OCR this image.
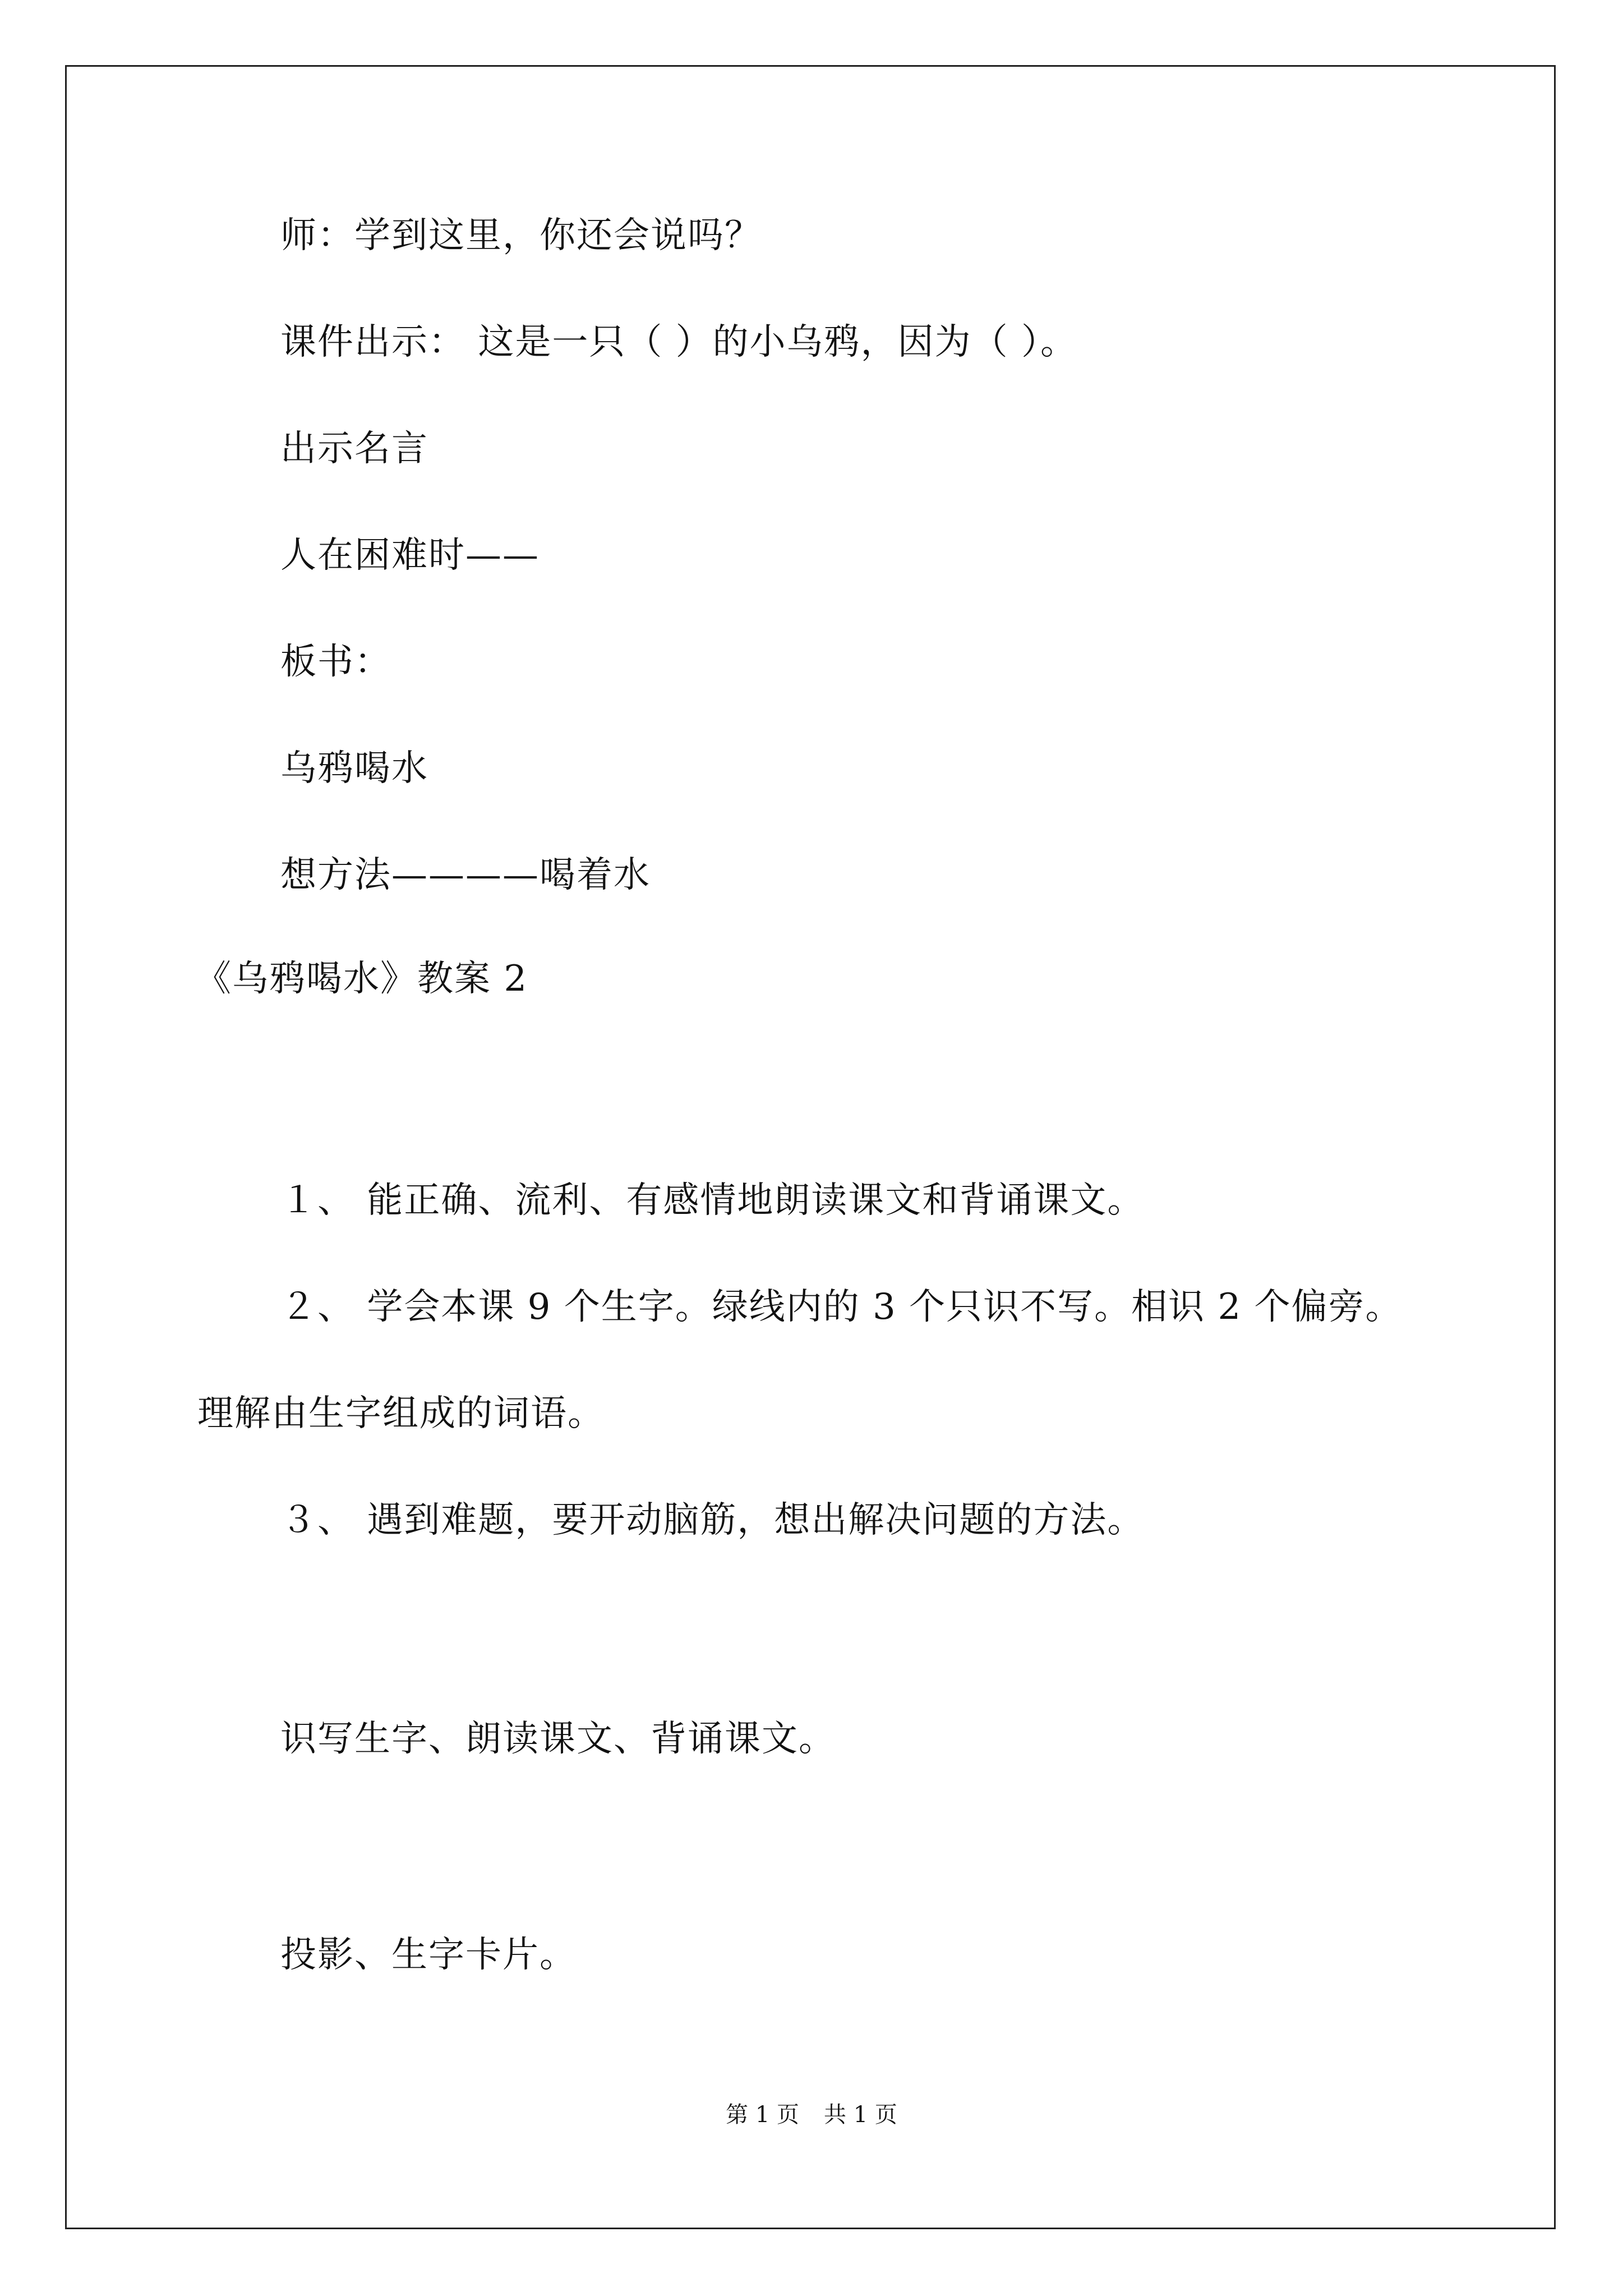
师：学到这里，你还会说吗？
课件出示： 这是一只（ ）的小乌鸦，因为（ ）。
出示名言
人在困难时——
板书：
乌鸦喝水
想方法————喝着水
《乌鸦喝水》教案 2
１、 能正确、流利、有感情地朗读课文和背诵课文。
２、 学会本课 9 个生字。绿线内的 3 个只识不写。相识 2 个偏旁。
理解由生字组成的词语。
３、 遇到难题，要开动脑筋，想出解决问题的方法。
识写生字、朗读课文、背诵课文。
投影、生字卡片。
第 1 页 共 1 页
